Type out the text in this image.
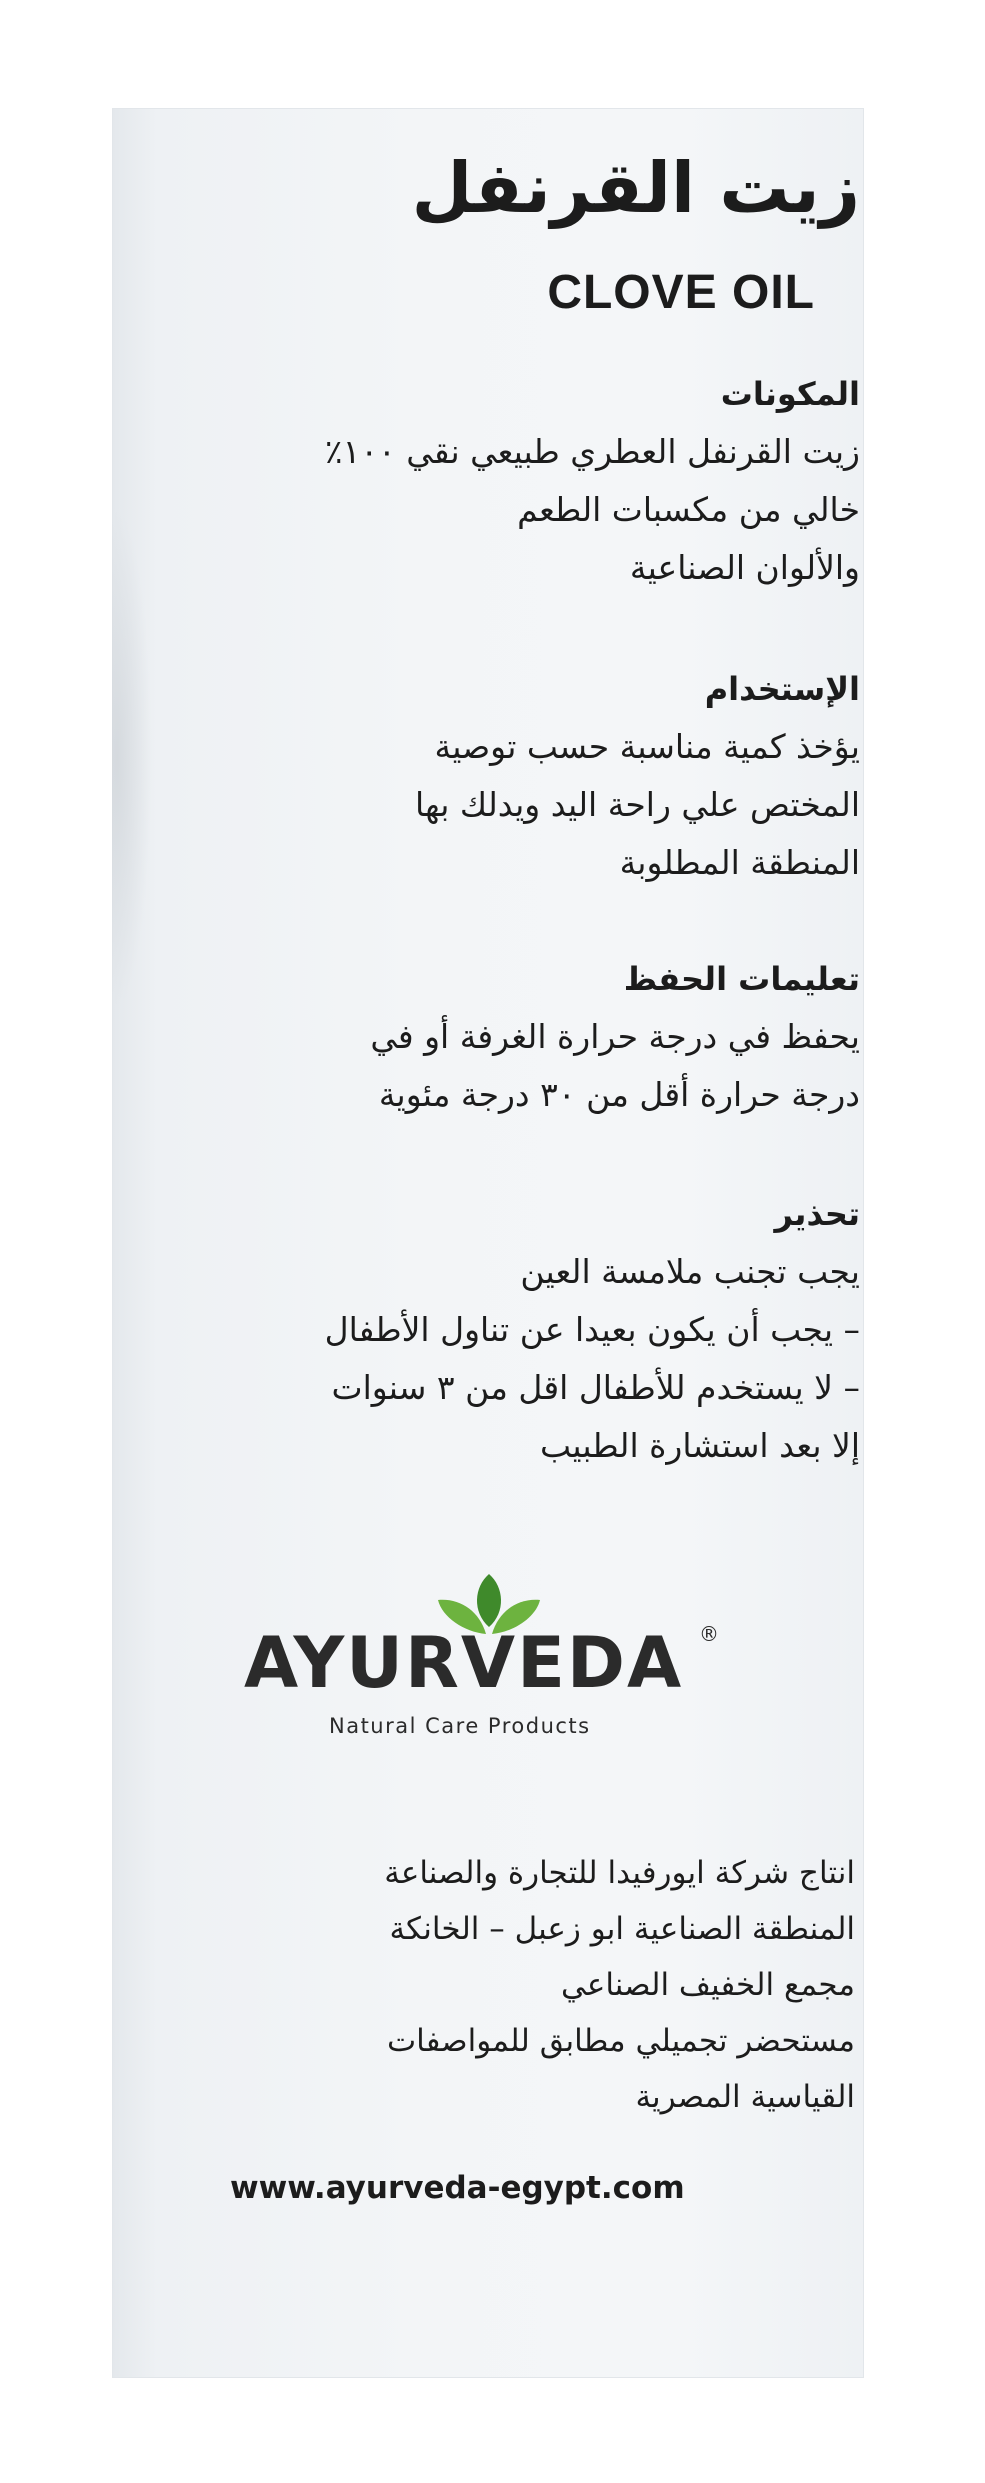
زيت القرنفل
CLOVE OIL
المكونات
زيت القرنفل العطري طبيعي نقي ١٠٠٪
خالي من مكسبات الطعم
والألوان الصناعية
الإستخدام
يؤخذ كمية مناسبة حسب توصية
المختص علي راحة اليد ويدلك بها
المنطقة المطلوبة
تعليمات الحفظ
يحفظ في درجة حرارة الغرفة أو في
درجة حرارة أقل من ٣٠ درجة مئوية
تحذير
يجب تجنب ملامسة العين
– يجب أن يكون بعيدا عن تناول الأطفال
– لا يستخدم للأطفال اقل من ٣ سنوات
إلا بعد استشارة الطبيب
AYURVEDA ®
Natural Care Products
انتاج شركة ايورفيدا للتجارة والصناعة
المنطقة الصناعية ابو زعبل – الخانكة
مجمع الخفيف الصناعي
مستحضر تجميلي مطابق للمواصفات
القياسية المصرية
www.ayurveda-egypt.com
